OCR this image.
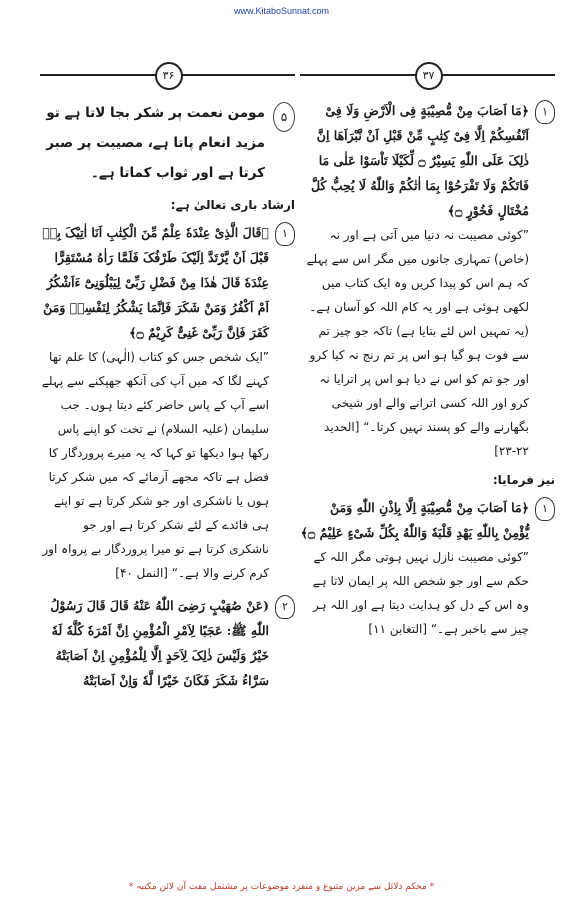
www.KitaboSunnat.com
۳۷
۱
﴿مَا اَصَابَ مِنْ مُّصِیْبَةٍ فِی الْاَرْضِ وَلَا فِیْ اَنْفُسِکُمْ اِلَّا فِیْ کِتٰبٍ مِّنْ قَبْلِ اَنْ نَّبْرَاَهَا اِنَّ ذٰلِکَ عَلَی اللّٰهِ یَسِیْرٌ ۝ لِّکَیْلَا تَاْسَوْا عَلٰی مَا فَاتَکُمْ وَلَا تَفْرَحُوْا بِمَا اٰتٰکُمْ وَاللّٰهُ لَا یُحِبُّ کُلَّ مُخْتَالٍ فَخُوْرٍ ۝﴾
”کوئی مصیبت نہ دنیا میں آتی ہے اور نہ (خاص) تمہاری جانوں میں مگر اس سے پہلے کہ ہم اس کو پیدا کریں وہ ایک کتاب میں لکھی ہوئی ہے اور یہ کام اللہ کو آسان ہے۔ (یہ تمہیں اس لئے بتایا ہے) تاکہ جو چیز تم سے فوت ہو گیا ہو اس پر تم رنج نہ کیا کرو اور جو تم کو اس نے دیا ہو اس پر اترایا نہ کرو اور اللہ کسی اترانے والے اور شیخی بگھارنے والے کو پسند نہیں کرتا۔“ [الحدید ۲۲-۲۳]
نیز فرمایا:
۱
﴿مَا اَصَابَ مِنْ مُّصِیْبَةٍ اِلَّا بِاِذْنِ اللّٰهِ وَمَنْ یُّؤْمِنْ بِاللّٰهِ یَهْدِ قَلْبَهٗ وَاللّٰهُ بِکُلِّ شَیْءٍ عَلِیْمٌ ۝﴾
”کوئی مصیبت نازل نہیں ہوتی مگر اللہ کے حکم سے اور جو شخص اللہ پر ایمان لاتا ہے وہ اس کے دل کو ہدایت دیتا ہے اور اللہ ہر چیز سے باخبر ہے۔“ [التغابن ۱۱]
۳۶
۵
مومن نعمت پر شکر بجا لاتا ہے تو مزید انعام پاتا ہے، مصیبت پر صبر کرتا ہے اور ثواب کماتا ہے۔
ارشاد باری تعالیٰ ہے:
۱
﴿قَالَ الَّذِیْ عِنْدَهٗ عِلْمٌ مِّنَ الْکِتٰبِ اَنَا اٰتِیْکَ بِهٖ قَبْلَ اَنْ یَّرْتَدَّ اِلَیْکَ طَرْفُکَ فَلَمَّا رَاٰهُ مُسْتَقِرًّا عِنْدَهٗ قَالَ هٰذَا مِنْ فَضْلِ رَبِّیْ لِیَبْلُوَنِیْٓ ءَاَشْکُرُ اَمْ اَکْفُرُ وَمَنْ شَکَرَ فَاِنَّمَا یَشْکُرُ لِنَفْسِهٖ وَمَنْ کَفَرَ فَاِنَّ رَبِّیْ غَنِیٌّ کَرِیْمٌ ۝﴾
”ایک شخص جس کو کتاب (الٰہی) کا علم تھا کہنے لگا کہ میں آپ کی آنکھ جھپکنے سے پہلے اسے آپ کے پاس حاضر کئے دیتا ہوں۔ جب سلیمان (علیہ السلام) نے تخت کو اپنے پاس رکھا ہوا دیکھا تو کہا کہ یہ میرے پروردگار کا فضل ہے تاکہ مجھے آزمائے کہ میں شکر کرتا ہوں یا ناشکری اور جو شکر کرتا ہے تو اپنے ہی فائدے کے لئے شکر کرتا ہے اور جو ناشکری کرتا ہے تو میرا پروردگار بے پرواہ اور کرم کرنے والا ہے۔“ [النمل ۴۰]
۲
(عَنْ صُهَیْبٍ رَضِیَ اللّٰهُ عَنْهُ قَالَ قَالَ رَسُوْلُ اللّٰهِ ﷺ: عَجَبًا لِاَمْرِ الْمُؤْمِنِ اِنَّ اَمْرَهٗ کُلَّهٗ لَهٗ خَیْرٌ وَلَیْسَ ذٰلِکَ لِاَحَدٍ اِلَّا لِلْمُؤْمِنِ اِنْ اَصَابَتْهُ سَرَّاءُ شَکَرَ فَکَانَ خَیْرًا لَّهٗ وَاِنْ اَصَابَتْهُ
* محکم دلائل سے مزین متنوع و منفرد موضوعات پر مشتمل مفت آن لائن مکتبہ *
